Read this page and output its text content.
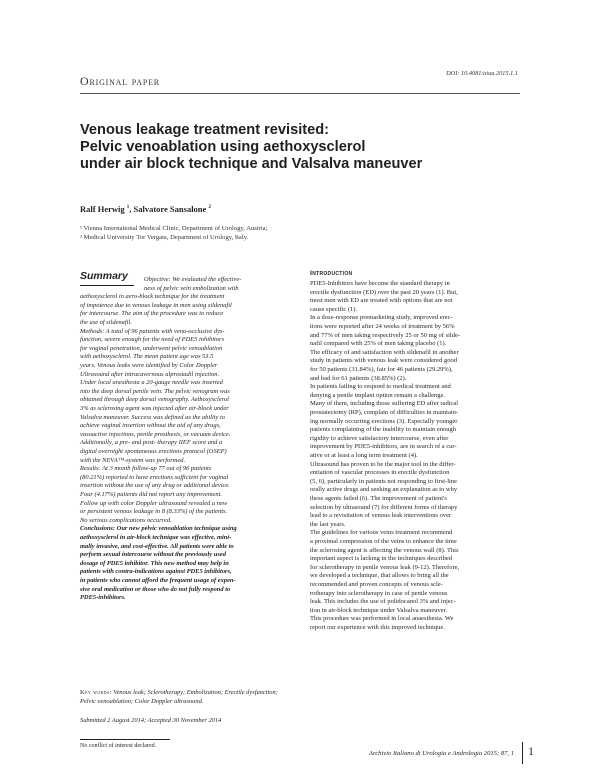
DOI: 10.4081/aiua.2015.1.1
Original paper
Venous leakage treatment revisited:
Pelvic venoablation using aethoxysclerol
under air block technique and Valsalva maneuver
Ralf Herwig $^1$, Salvatore Sansalone $^2$
¹ Vienna International Medical Clinic, Department of Urology, Austria;
² Medical University Tor Vergata, Department of Urology, Italy.
Summary	Objective: We evaluated the effective-
ness of pelvic vein embolization with
aethoxysclerol in aero-block technique for the treatment
of impotence due to venous leakage in men using sildenafil
for intercourse. The aim of the procedure was to reduce
the use of sildenafil.
Methods: A total of 96 patients with veno-occlusive dys-
function, severe enough for the need of PDE5 inhibitors
for vaginal penetration, underwent pelvic venoablation
with aethoxysclerol. The mean patient age was 53.5
years. Venous leaks were identified by Color Doppler
Ultrasound after intracavernous alprostadil injection.
Under local anesthesia a 20-gauge needle was inserted
into the deep dorsal penile vein. The pelvic venogram was
obtained through deep dorsal venography. Aethoxysclerol
3% as sclerosing agent was injected after air-block under
Valsalva maneuver. Success was defined as the ability to
achieve vaginal insertion without the aid of any drugs,
vasoactive injections, penile prosthesis, or vacuum device.
Additionally, a pre- and post- therapy IIEF score and a
digital overnight spontaneous erections protocol (OSEP)
with the NEVA™-system was performed.
Results: At 3 month follow-up 77 out of 96 patients
(80.21%) reported to have erections sufficient for vaginal
insertion without the use of any drug or additional device.
Four (4.17%) patients did not report any improvement.
Follow up with color Doppler ultrasound revealed a new
or persistent venous leakage in 8 (8.33%) of the patients.
No serious complications occurred.
Conclusions: Our new pelvic venoablation technique using
aethoxysclerol in air-block technique was effective, mini-
mally invasive, and cost-effective. All patients were able to
perform sexual intercourse without the previously used
dosage of PDE5 inhibitor. This new method may help in
patients with contra-indications against PDE5 inhibitors,
in patients who cannot afford the frequent usage of expen-
sive oral medication or those who do not fully respond to
PDE5-inhibitors.
Key words: Venous leak; Sclerotherapy; Embolization; Erectile dysfunction; Pelvic venoablation; Color Doppler ultrasound.
Submitted 2 August 2014; Accepted 30 November 2014
Introduction
PDE5-Inhibitors have become the standard therapy in
erectile dysfunction (ED) over the past 20 years (1). But,
most men with ED are treated with options that are not
cause specific (1).
In a dose-response premarketing study, improved erec-
tions were reported after 24 weeks of treatment by 56%
and 77% of men taking respectively 25 or 50 mg of silde-
nafil compared with 25% of men taking placebo (1).
The efficacy of and satisfaction with sildenafil in another
study in patients with venous leak were considered good
for 50 patients (31.84%), fair for 46 patients (29.29%),
and bad for 61 patients (38.85%) (2).
In patients failing to respond to medical treatment and
denying a penile implant option remain a challenge.
Many of them, including those suffering ED after radical
prostatectomy (RP), complain of difficulties in maintain-
ing normally occurring erections (3). Especially younger
patients complaining of the inability to maintain enough
rigidity to achieve satisfactory intercourse, even after
improvement by PDE5-inhibitors, are in search of a cur-
ative or at least a long term treatment (4).
Ultrasound has proven to be the major tool in the differ-
entiation of vascular processes in erectile dysfunction
(5, 6), particularly in patients not responding to first-line
orally active drugs and seeking an explanation as to why
these agents failed (6). The improvement of patient's
selection by ultrasound (7) for different forms of therapy
lead to a revisitation of venous leak interventions over
the last years.
The guidelines for various veins treatment recommend
a proximal compression of the veins to enhance the time
the sclerosing agent is affecting the venous wall (8). This
important aspect is lacking in the techniques described
for sclerotherapy in penile venous leak (9-12). Therefore,
we developed a technique, that allows to bring all the
recommended and proven concepts of venous scle-
rotherapy into sclerotherapy in case of penile venous
leak. This includes the use of polidocanol 3% and injec-
tion in air-block technique under Valsalva maneuver.
This procedure was performed in local anaesthesia. We
report our experience with this improved technique.
No conflict of interest declared.
Archivio Italiano di Urologia e Andrologia 2015; 87, 1 1
